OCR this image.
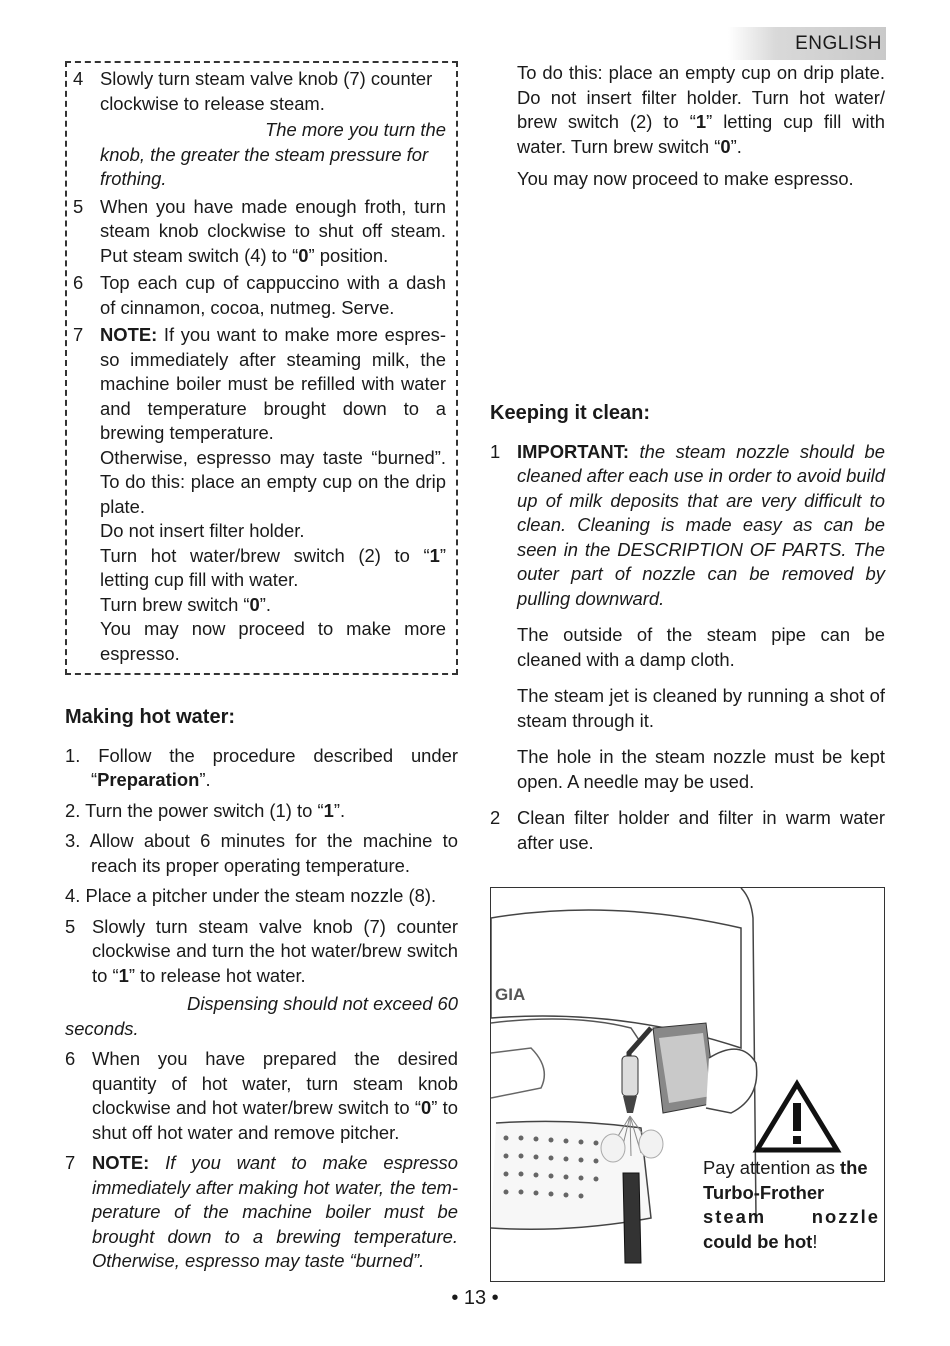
ENGLISH
4 Slowly turn steam valve knob (7) counter

clockwise to release steam.

The more you turn the

knob, the greater the steam pressure for

frothing.

5 When you have made enough froth, turn steam knob clockwise to shut off steam. Put steam switch (4) to “0” position.

6 Top each cup of cappuccino with a dash of cinnamon, cocoa, nutmeg. Serve.

7 NOTE: If you want to make more espres-so immediately after steaming milk, the machine boiler must be refilled with water and temperature brought down to a brewing temperature.

Otherwise, espresso may taste “burned”. To do this: place an empty cup on the drip plate.

Do not insert filter holder.

Turn hot water/brew switch (2) to “1” letting cup fill with water.

Turn brew switch “0”.

You may now proceed to make more espresso.

Making hot water:

1. Follow the procedure described under “Preparation”.

2. Turn the power switch (1) to “1”.

3. Allow about 6 minutes for the machine to reach its proper operating temperature.

4. Place a pitcher under the steam nozzle (8).

5 Slowly turn steam valve knob (7) counter clockwise and turn the hot water/brew switch to “1” to release hot water.

Dispensing should not exceed 60

seconds.

6 When you have prepared the desired quantity of hot water, turn steam knob clockwise and hot water/brew switch to “0” to shut off hot water and remove pitcher.

7 NOTE: If you want to make espresso immediately after making hot water, the tem-perature of the machine boiler must be brought down to a brewing temperature. Otherwise, espresso may taste “burned”.

To do this: place an empty cup on drip plate. Do not insert filter holder. Turn hot water/ brew switch (2) to “1” letting cup fill with water. Turn brew switch “0”.

You may now proceed to make espresso.

Keeping it clean:
1 IMPORTANT: the steam nozzle should be cleaned after each use in order to avoid build up of milk deposits that are very difficult to clean. Cleaning is made easy as can be seen in the DESCRIPTION OF PARTS. The outer part of nozzle can be removed by pulling downward.

The outside of the steam pipe can be cleaned with a damp cloth.

The steam jet is cleaned by running a shot of steam through it.

The hole in the steam nozzle must be kept open. A needle may be used.

2 Clean filter holder and filter in warm water after use.

GIA
Pay attention as the
Turbo-Frother
steam nozzle
could be hot!
• 13 •
